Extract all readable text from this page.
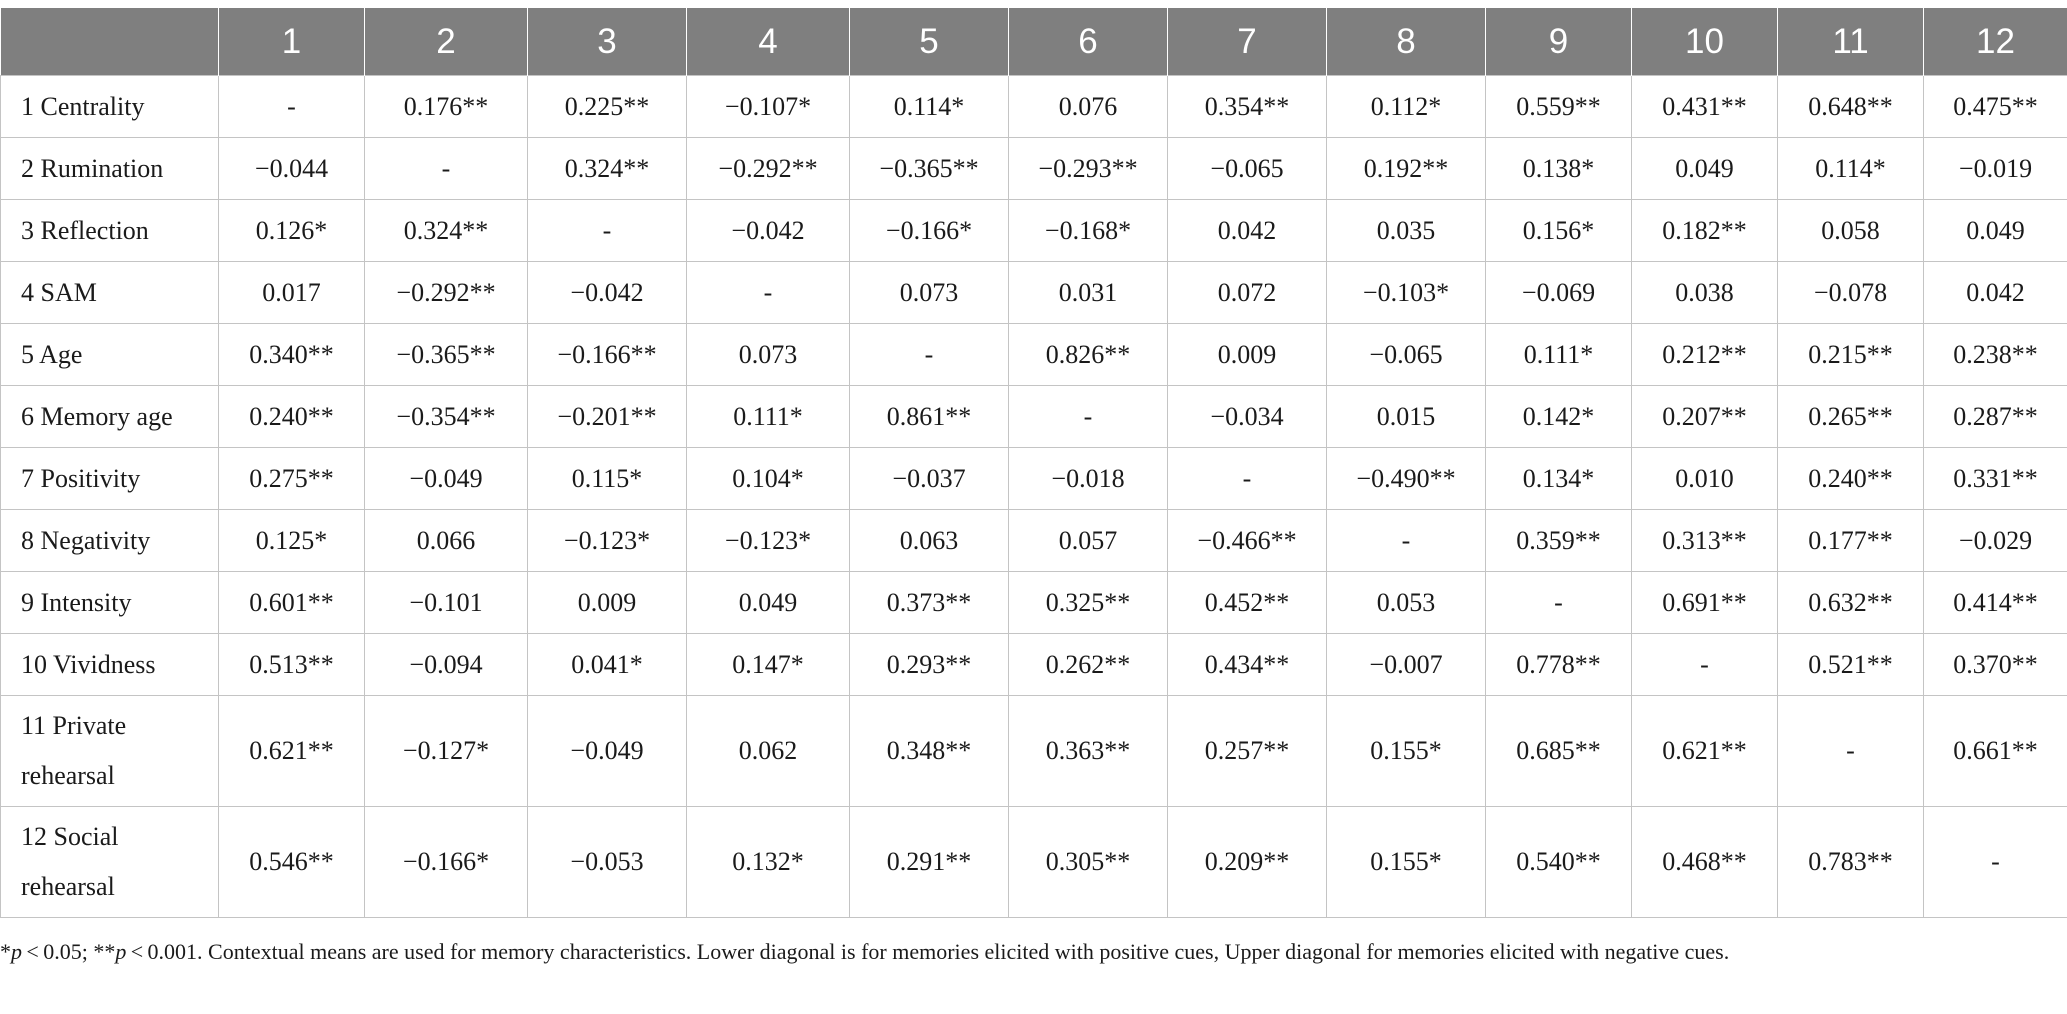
	1	2	3	4	5	6	7	8	9	10	11	12
1 Centrality	-	0.176**	0.225**	−0.107*	0.114*	0.076	0.354**	0.112*	0.559**	0.431**	0.648**	0.475**
2 Rumination	−0.044	-	0.324**	−0.292**	−0.365**	−0.293**	−0.065	0.192**	0.138*	0.049	0.114*	−0.019
3 Reflection	0.126*	0.324**	-	−0.042	−0.166*	−0.168*	0.042	0.035	0.156*	0.182**	0.058	0.049
4 SAM	0.017	−0.292**	−0.042	-	0.073	0.031	0.072	−0.103*	−0.069	0.038	−0.078	0.042
5 Age	0.340**	−0.365**	−0.166**	0.073	-	0.826**	0.009	−0.065	0.111*	0.212**	0.215**	0.238**
6 Memory age	0.240**	−0.354**	−0.201**	0.111*	0.861**	-	−0.034	0.015	0.142*	0.207**	0.265**	0.287**
7 Positivity	0.275**	−0.049	0.115*	0.104*	−0.037	−0.018	-	−0.490**	0.134*	0.010	0.240**	0.331**
8 Negativity	0.125*	0.066	−0.123*	−0.123*	0.063	0.057	−0.466**	-	0.359**	0.313**	0.177**	−0.029
9 Intensity	0.601**	−0.101	0.009	0.049	0.373**	0.325**	0.452**	0.053	-	0.691**	0.632**	0.414**
10 Vividness	0.513**	−0.094	0.041*	0.147*	0.293**	0.262**	0.434**	−0.007	0.778**	-	0.521**	0.370**
11 Private rehearsal	0.621**	−0.127*	−0.049	0.062	0.348**	0.363**	0.257**	0.155*	0.685**	0.621**	-	0.661**
12 Social rehearsal	0.546**	−0.166*	−0.053	0.132*	0.291**	0.305**	0.209**	0.155*	0.540**	0.468**	0.783**	-

*p < 0.05; **p < 0.001. Contextual means are used for memory characteristics. Lower diagonal is for memories elicited with positive cues, Upper diagonal for memories elicited with negative cues.
